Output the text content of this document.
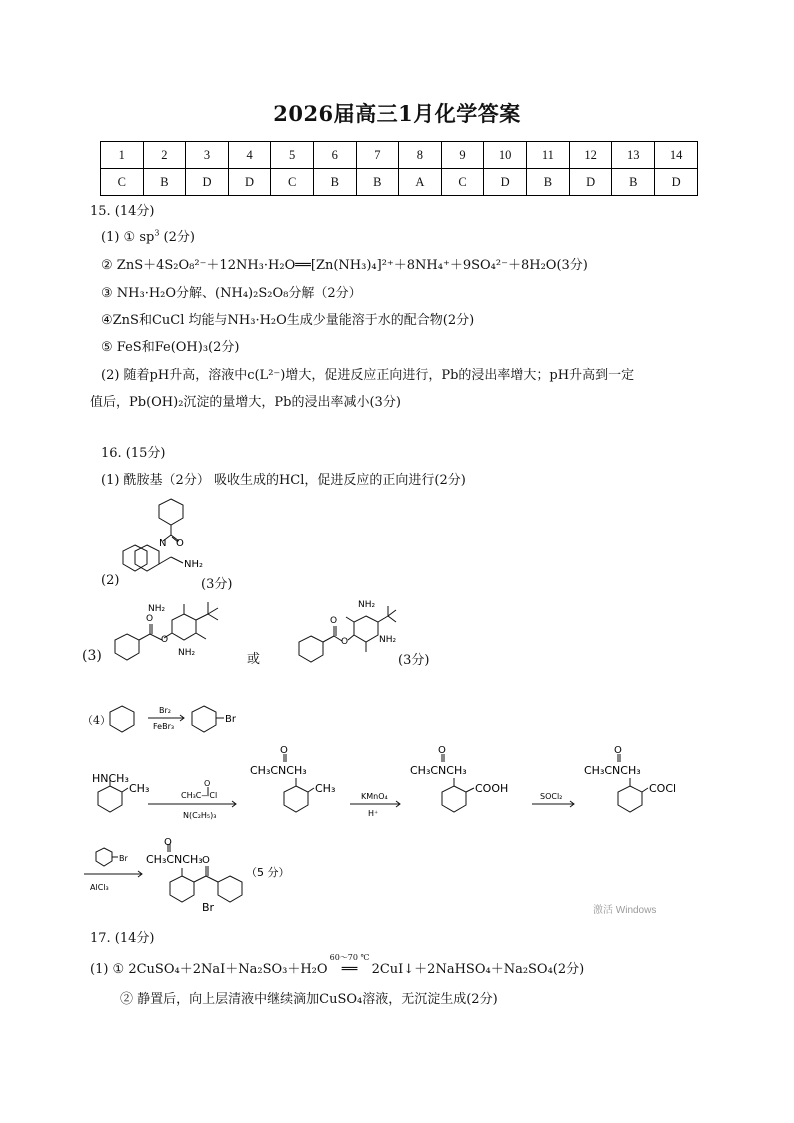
2026届高三1月化学答案
1	2	3	4	5	6	7	8	9	10	11	12	13	14
C	B	D	D	C	B	B	A	C	D	B	D	B	D
15. (14分)
(1) ① $sp^3$ (2分)
② ZnS＋4S₂O₈²⁻＋12NH₃·H₂O══[Zn(NH₃)₄]²⁺＋8NH₄⁺＋9SO₄²⁻＋8H₂O(3分)
③ NH₃·H₂O分解、(NH₄)₂S₂O₈分解（2分）
④ZnS和CuCl 均能与NH₃·H₂O生成少量能溶于水的配合物(2分)
⑤ FeS和Fe(OH)₃(2分)
(2) 随着pH升高，溶液中c(L²⁻)增大，促进反应正向进行，Pb的浸出率增大；pH升高到一定
值后，Pb(OH)₂沉淀的量增大，Pb的浸出率减小(3分)
16. (15分)
(1) 酰胺基（2分） 吸收生成的HCl，促进反应的正向进行(2分)
(2)	(3分)
O
N
NH₂
(3)	或	(3分)
O
O
NH₂
NH₂
O
O
NH₂
NH₂
（4）
Br₂
FeBr₃
Br
HNCH₃
CH₃	O
CH₃C—Cl
N(C₂H₅)₃
O
CH₃CNCH₃
CH₃
KMnO₄
H⁺
O
CH₃CNCH₃
COOH
SOCl₂
O
CH₃CNCH₃
COCl
Br
AlCl₃
O
CH₃CNCH₃ O
Br
（5 分）
激活 Windows
17. (14分)
(1) ① 2CuSO₄＋2NaI＋Na₂SO₃＋H₂O
60～70 ℃
══ 2CuI↓＋2NaHSO₄＋Na₂SO₄(2分)
② 静置后，向上层清液中继续滴加CuSO₄溶液，无沉淀生成(2分)
